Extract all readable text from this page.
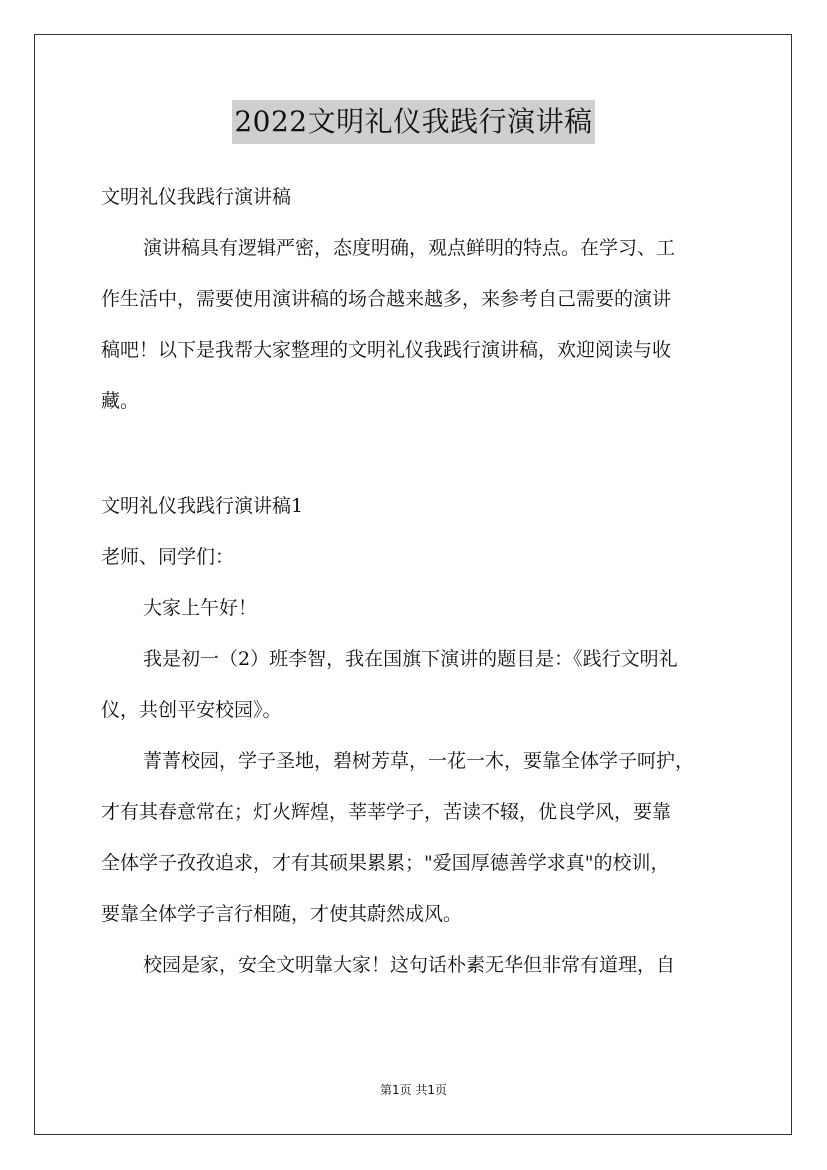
2022文明礼仪我践行演讲稿

文明礼仪我践行演讲稿

演讲稿具有逻辑严密，态度明确，观点鲜明的特点。在学习、工

作生活中，需要使用演讲稿的场合越来越多，来参考自己需要的演讲

稿吧！以下是我帮大家整理的文明礼仪我践行演讲稿，欢迎阅读与收

藏。

文明礼仪我践行演讲稿1

老师、同学们：

大家上午好！

我是初一（2）班李智，我在国旗下演讲的题目是：《践行文明礼

仪，共创平安校园》。

菁菁校园，学子圣地，碧树芳草，一花一木，要靠全体学子呵护，

才有其春意常在；灯火辉煌，莘莘学子，苦读不辍，优良学风，要靠

全体学子孜孜追求，才有其硕果累累；"爱国厚德善学求真"的校训，

要靠全体学子言行相随，才使其蔚然成风。

校园是家，安全文明靠大家！这句话朴素无华但非常有道理，自

第1页 共1页
